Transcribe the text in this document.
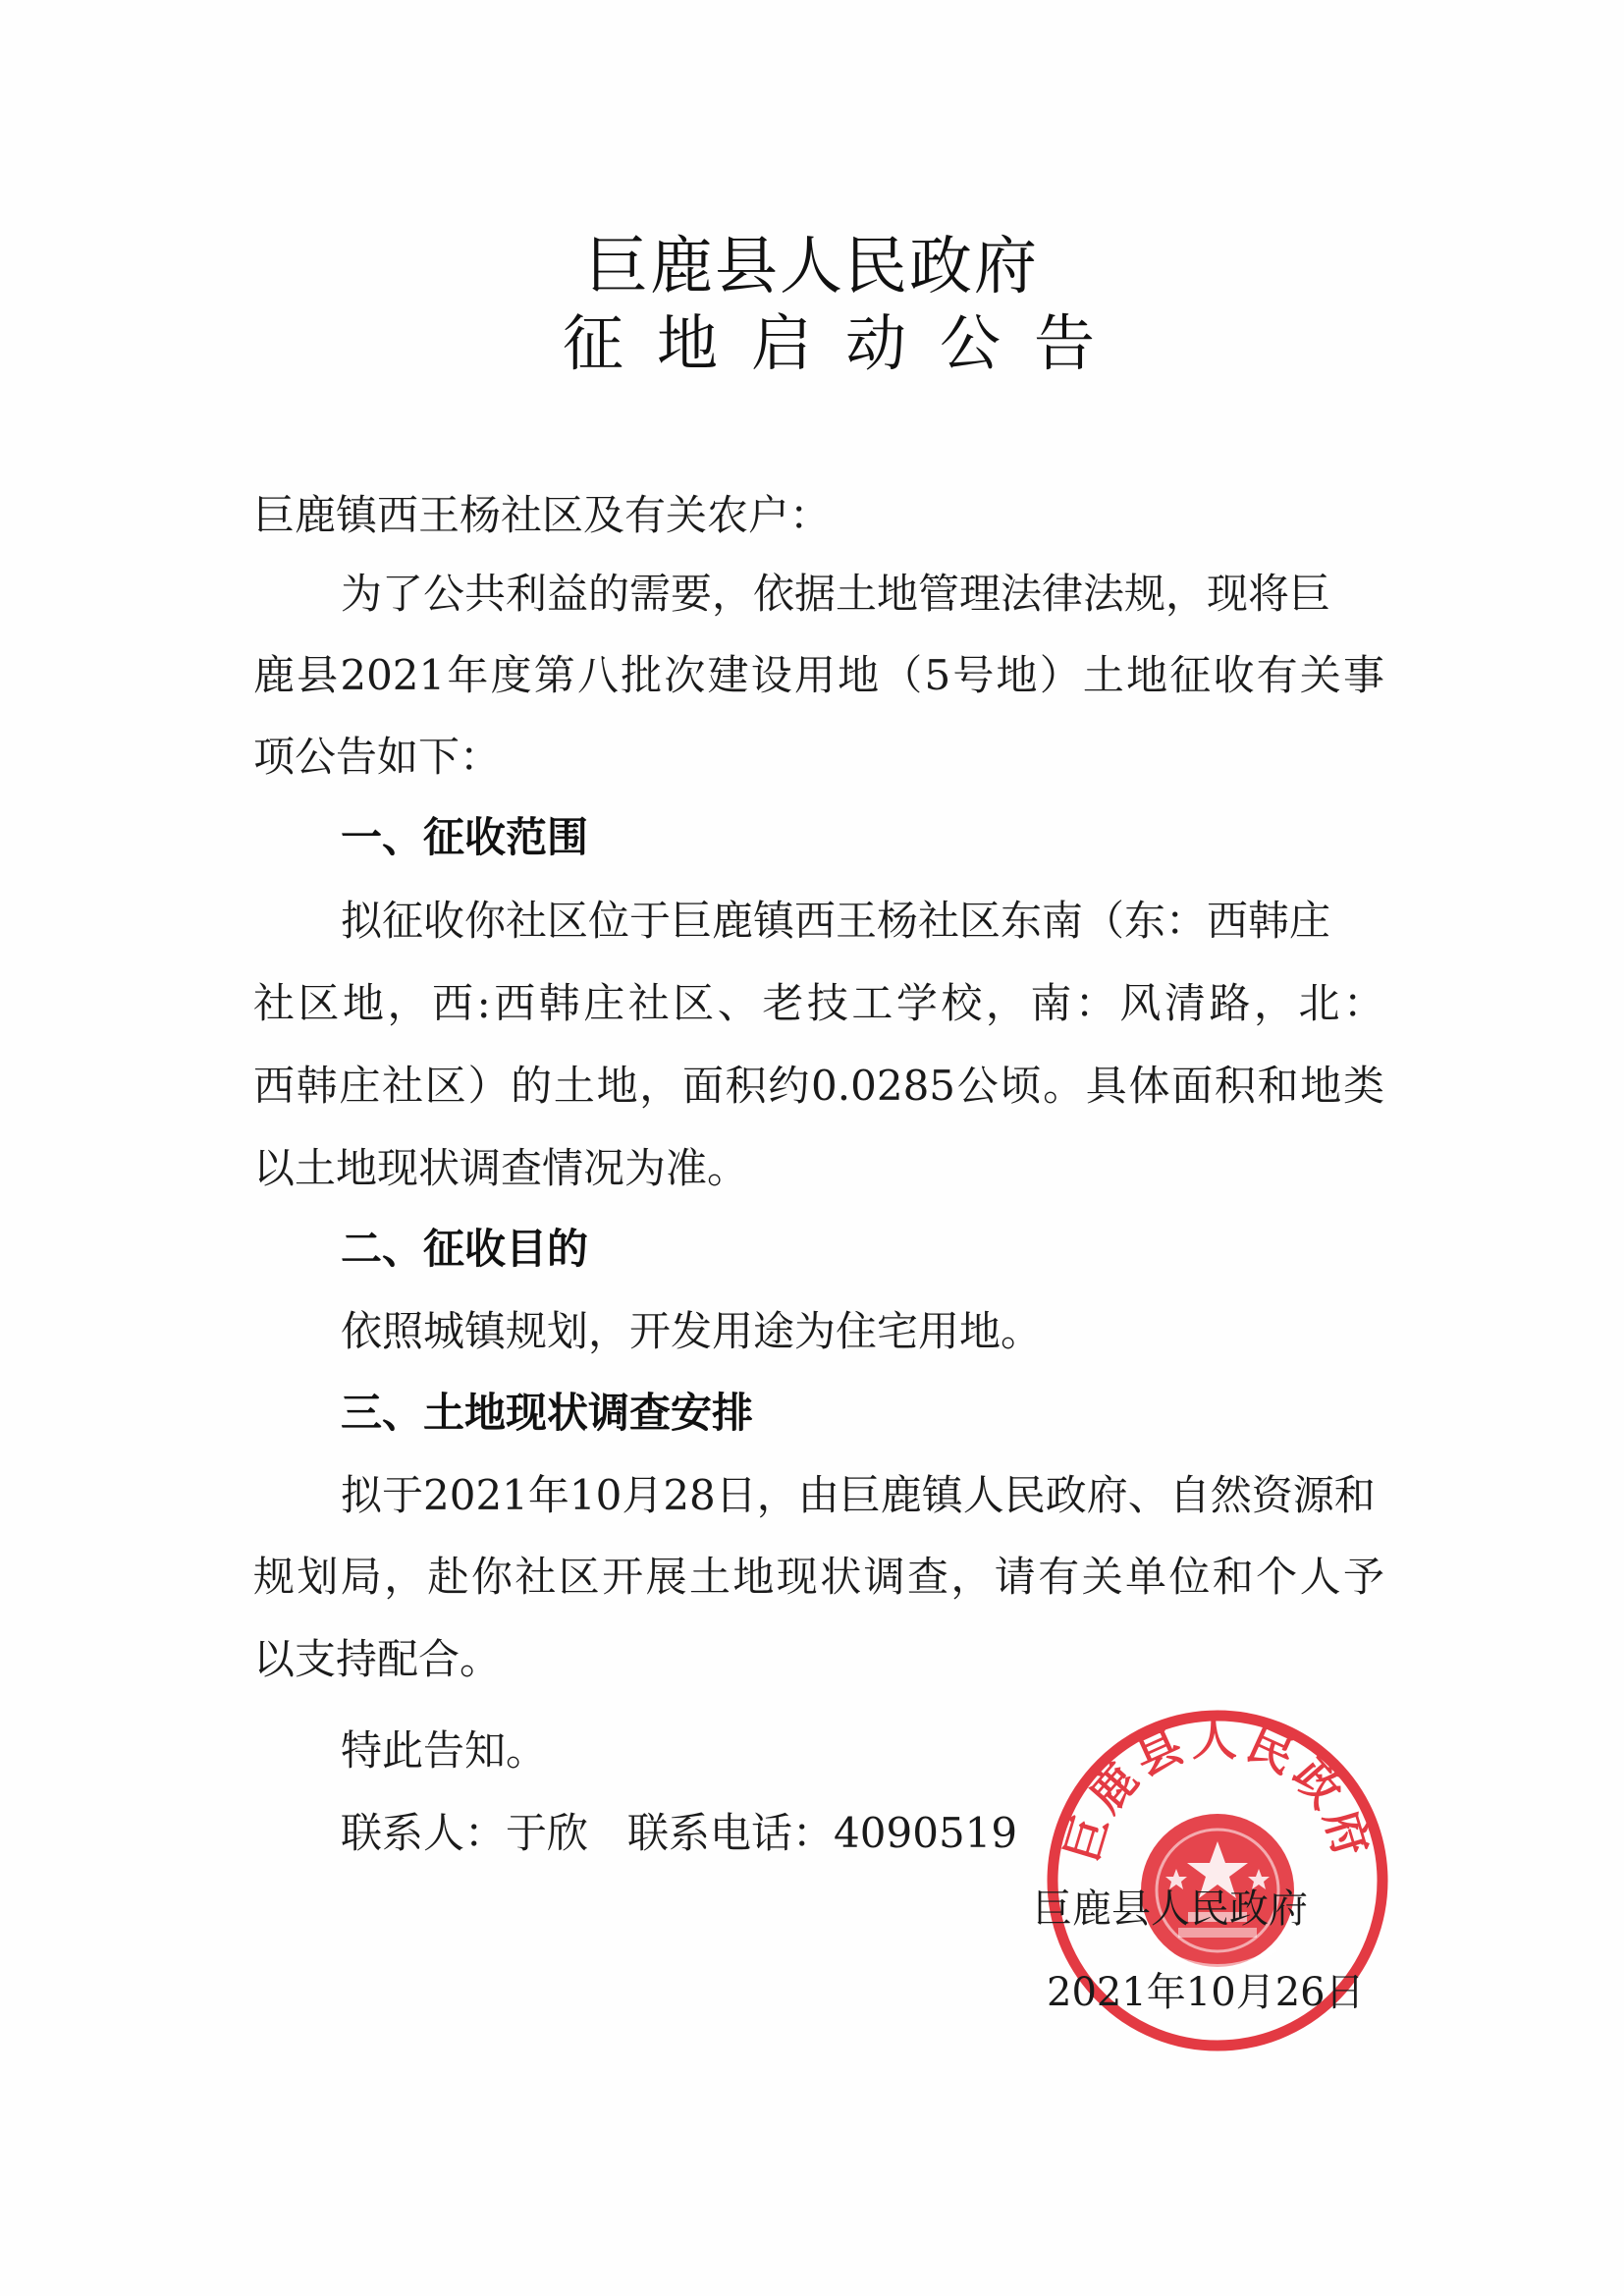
巨鹿县人民政府
征地启动公告
巨鹿镇西王杨社区及有关农户：
为了公共利益的需要，依据土地管理法律法规，现将巨
鹿县2021年度第八批次建设用地（5号地）土地征收有关事
项公告如下：
一、征收范围
拟征收你社区位于巨鹿镇西王杨社区东南（东：西韩庄
社区地，西:西韩庄社区、老技工学校，南：风清路，北：
西韩庄社区）的土地，面积约0.0285公顷。具体面积和地类
以土地现状调查情况为准。
二、征收目的
依照城镇规划，开发用途为住宅用地。
三、土地现状调查安排
拟于2021年10月28日，由巨鹿镇人民政府、自然资源和
规划局，赴你社区开展土地现状调查，请有关单位和个人予
以支持配合。
特此告知。
联系人：于欣   联系电话：4090519 巨鹿县人民政府
巨鹿县人民政府
2021年10月26日
